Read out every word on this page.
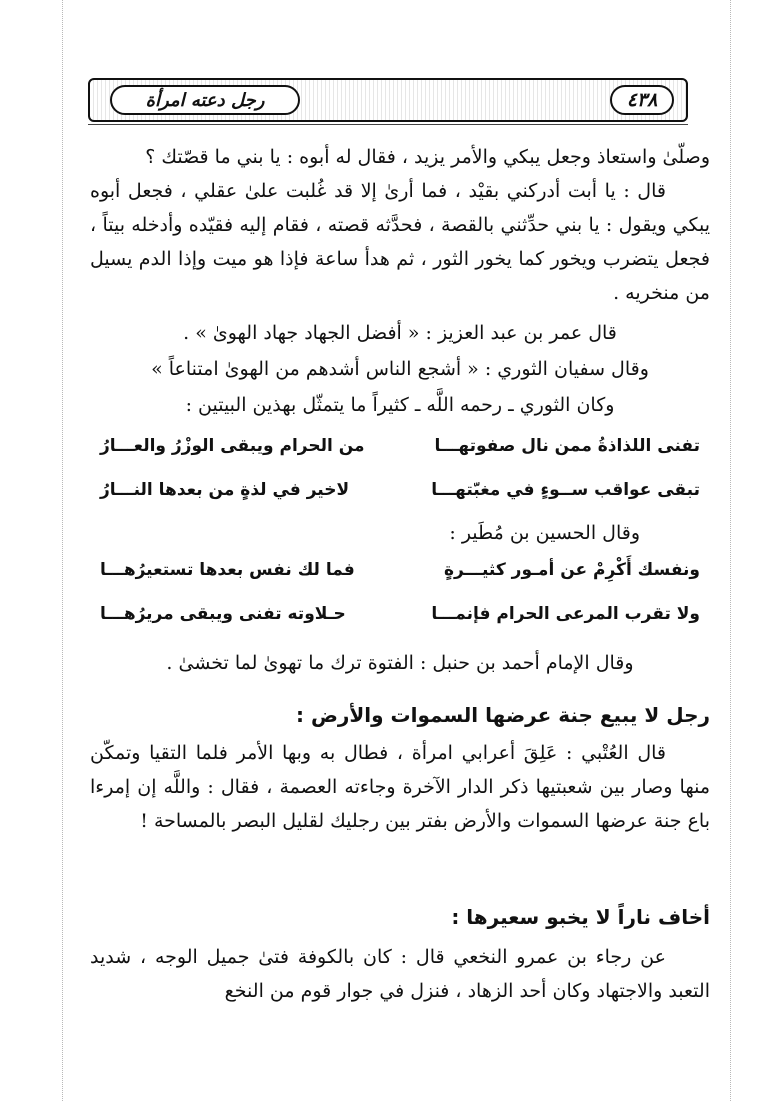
رجل دعته امرأة	٤٣٨

وصلّىٰ واستعاذ وجعل يبكي والأمر يزيد ، فقال له أبوه : يا بني ما قصّتك ؟

قال : يا أبت أدركني بقيْد ، فما أرىٰ إلا قد غُلبت علىٰ عقلي ، فجعل أبوه يبكي ويقول : يا بني حدِّثني بالقصة ، فحدَّثه قصته ، فقام إليه فقيّده وأدخله بيتاً ، فجعل يتضرب ويخور كما يخور الثور ، ثم هدأ ساعة فإذا هو ميت وإذا الدم يسيل من منخريه .

قال عمر بن عبد العزيز : « أفضل الجهاد جهاد الهوىٰ » .

وقال سفيان الثوري : « أشجع الناس أشدهم من الهوىٰ امتناعاً »

وكان الثوري ـ رحمه اللَّه ـ كثيراً ما يتمثّل بهذين البيتين :

تفنى اللذاذةُ ممن نال صفوتهـــا
من الحرام ويبقى الوزْرُ والعـــارُ
تبقى عواقب ســوءٍ في مغبّتهـــا
لاخير في لذةٍ من بعدها النـــارُ

وقال الحسين بن مُطَير :

ونفسك أَكْرِمْ عن أمـور كثيـــرةٍ
فما لك نفس بعدها تستعيرُهـــا
ولا تقرب المرعى الحرام فإنمـــا
حـلاوته تفنى ويبقى مريرُهـــا

وقال الإمام أحمد بن حنبل : الفتوة ترك ما تهوىٰ لما تخشىٰ .

رجل لا يبيع جنة عرضها السموات والأرض :

قال العُتْبي : عَلِقَ أعرابي امرأة ، فطال به وبها الأمر فلما التقيا وتمكّن منها وصار بين شعبتيها ذكر الدار الآخرة وجاءته العصمة ، فقال : واللَّه إن إمرءا باع جنة عرضها السموات والأرض بفتر بين رجليك لقليل البصر بالمساحة !

أخاف ناراً لا يخبو سعيرها :

عن رجاء بن عمرو النخعي قال : كان بالكوفة فتىٰ جميل الوجه ، شديد التعبد والاجتهاد وكان أحد الزهاد ، فنزل في جوار قوم من النخع
